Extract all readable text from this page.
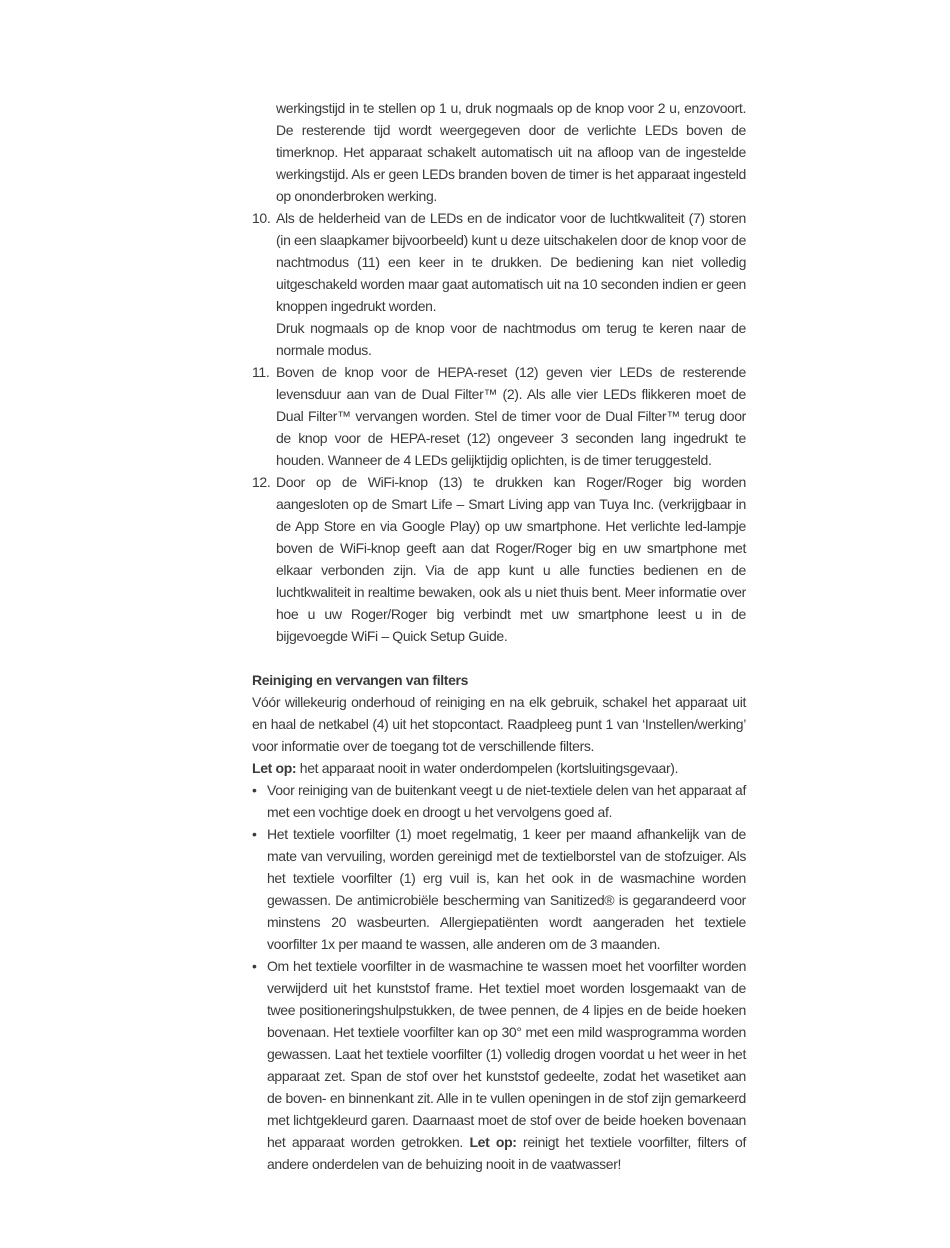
werkingstijd in te stellen op 1 u, druk nogmaals op de knop voor 2 u, enzovoort. De resterende tijd wordt weergegeven door de verlichte LEDs boven de timerknop. Het apparaat schakelt automatisch uit na afloop van de ingestelde werkingstijd. Als er geen LEDs branden boven de timer is het apparaat ingesteld op ononderbroken werking.

10. Als de helderheid van de LEDs en de indicator voor de luchtkwaliteit (7) storen (in een slaapkamer bijvoorbeeld) kunt u deze uitschakelen door de knop voor de nachtmodus (11) een keer in te drukken. De bediening kan niet volledig uitgeschakeld worden maar gaat automatisch uit na 10 seconden indien er geen knoppen ingedrukt worden.

Druk nogmaals op de knop voor de nachtmodus om terug te keren naar de normale modus.

11. Boven de knop voor de HEPA-reset (12) geven vier LEDs de resterende levensduur aan van de Dual Filter™ (2). Als alle vier LEDs flikkeren moet de Dual Filter™ vervangen worden. Stel de timer voor de Dual Filter™ terug door de knop voor de HEPA-reset (12) ongeveer 3 seconden lang ingedrukt te houden. Wanneer de 4 LEDs gelijktijdig oplichten, is de timer teruggesteld.

12. Door op de WiFi-knop (13) te drukken kan Roger/Roger big worden aangesloten op de Smart Life – Smart Living app van Tuya Inc. (verkrijgbaar in de App Store en via Google Play) op uw smartphone. Het verlichte led-lampje boven de WiFi-knop geeft aan dat Roger/Roger big en uw smartphone met elkaar verbonden zijn. Via de app kunt u alle functies bedienen en de luchtkwaliteit in realtime bewaken, ook als u niet thuis bent. Meer informatie over hoe u uw Roger/Roger big verbindt met uw smartphone leest u in de bijgevoegde WiFi – Quick Setup Guide.

Reiniging en vervangen van filters

Vóór willekeurig onderhoud of reiniging en na elk gebruik, schakel het apparaat uit en haal de netkabel (4) uit het stopcontact. Raadpleeg punt 1 van ‘Instellen/werking’ voor informatie over de toegang tot de verschillende filters.
Let op: het apparaat nooit in water onderdompelen (kortsluitingsgevaar).

• Voor reiniging van de buitenkant veegt u de niet-textiele delen van het apparaat af met een vochtige doek en droogt u het vervolgens goed af.

• Het textiele voorfilter (1) moet regelmatig, 1 keer per maand afhankelijk van de mate van vervuiling, worden gereinigd met de textielborstel van de stofzuiger. Als het textiele voorfilter (1) erg vuil is, kan het ook in de wasmachine worden gewassen. De antimicrobiële bescherming van Sanitized® is gegarandeerd voor minstens 20 wasbeurten. Allergiepatiënten wordt aangeraden het textiele voorfilter 1x per maand te wassen, alle anderen om de 3 maanden.

• Om het textiele voorfilter in de wasmachine te wassen moet het voorfilter worden verwijderd uit het kunststof frame. Het textiel moet worden losgemaakt van de twee positioneringshulpstukken, de twee pennen, de 4 lipjes en de beide hoeken bovenaan. Het textiele voorfilter kan op 30° met een mild wasprogramma worden gewassen. Laat het textiele voorfilter (1) volledig drogen voordat u het weer in het apparaat zet. Span de stof over het kunststof gedeelte, zodat het wasetiket aan de boven- en binnenkant zit. Alle in te vullen openingen in de stof zijn gemarkeerd met lichtgekleurd garen. Daarnaast moet de stof over de beide hoeken bovenaan het apparaat worden getrokken. Let op: reinigt het textiele voorfilter, filters of andere onderdelen van de behuizing nooit in de vaatwasser!
